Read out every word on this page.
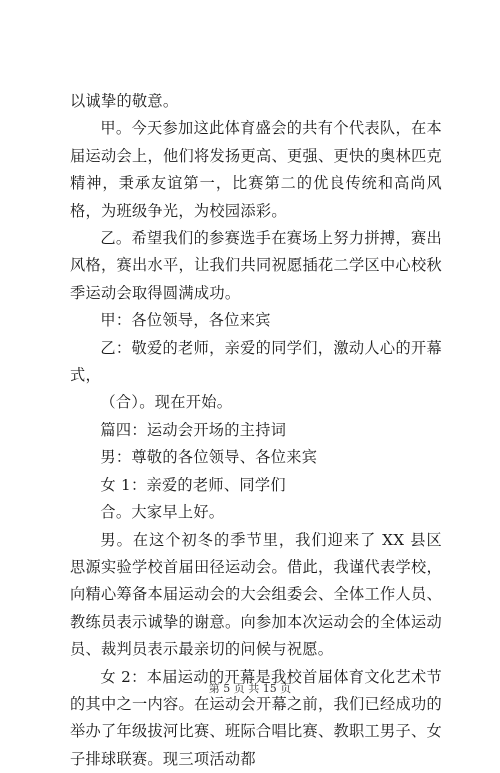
以诚挚的敬意。

甲。今天参加这此体育盛会的共有个代表队，在本届运动会上，他们将发扬更高、更强、更快的奥林匹克精神，秉承友谊第一，比赛第二的优良传统和高尚风格，为班级争光，为校园添彩。

乙。希望我们的参赛选手在赛场上努力拼搏，赛出风格，赛出水平，让我们共同祝愿插花二学区中心校秋季运动会取得圆满成功。

甲：各位领导，各位来宾

乙：敬爱的老师，亲爱的同学们，激动人心的开幕式，

（合）。现在开始。

篇四：运动会开场的主持词

男：尊敬的各位领导、各位来宾

女 1：亲爱的老师、同学们

合。大家早上好。

男。在这个初冬的季节里，我们迎来了 XX 县区思源实验学校首届田径运动会。借此，我谨代表学校，向精心筹备本届运动会的大会组委会、全体工作人员、教练员表示诚挚的谢意。向参加本次运动会的全体运动员、裁判员表示最亲切的问候与祝愿。

女 2：本届运动的开幕是我校首届体育文化艺术节的其中之一内容。在运动会开幕之前，我们已经成功的举办了年级拔河比赛、班际合唱比赛、教职工男子、女子排球联赛。现三项活动都

第 5 页 共 15 页
